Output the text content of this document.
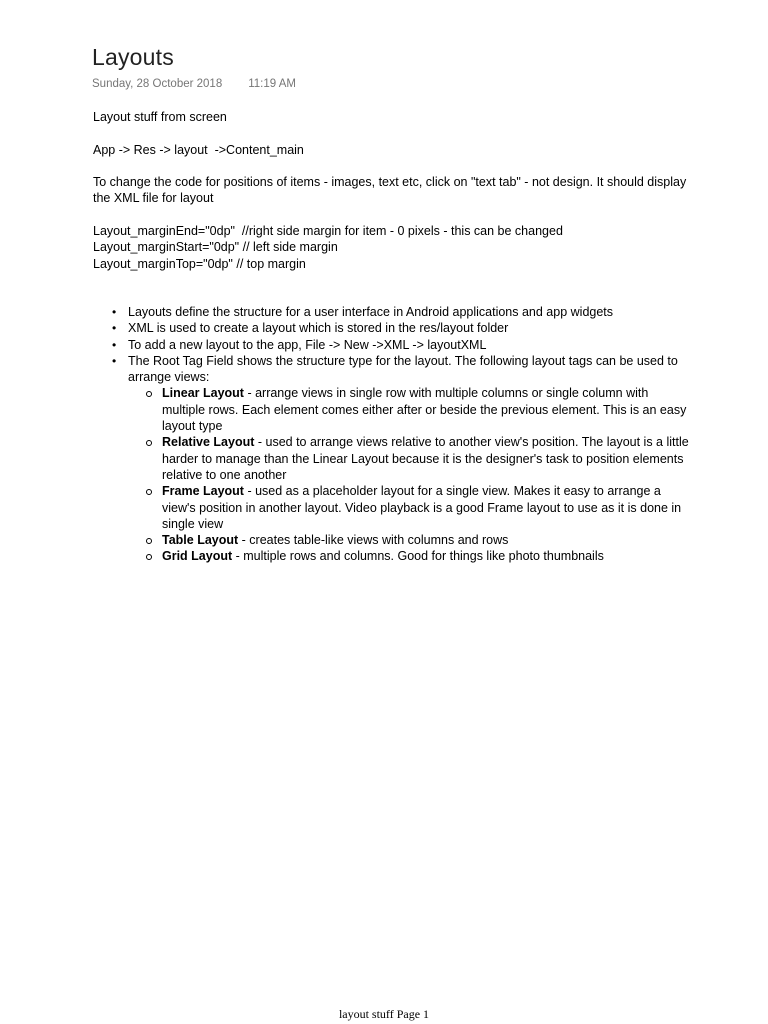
Layouts
Sunday, 28 October 2018 11:19 AM

Layout stuff from screen

App -> Res -> layout  ->Content_main

To change the code for positions of items - images, text etc, click on "text tab" - not design. It should display the XML file for layout

Layout_marginEnd="0dp"  //right side margin for item - 0 pixels - this can be changed

Layout_marginStart="0dp" // left side margin

Layout_marginTop="0dp" // top margin

• Layouts define the structure for a user interface in Android applications and app widgets
• XML is used to create a layout which is stored in the res/layout folder
• To add a new layout to the app, File -> New ->XML -> layoutXML
• The Root Tag Field shows the structure type for the layout. The following layout tags can be used to arrange views:
Linear Layout - arrange views in single row with multiple columns or single column with multiple rows. Each element comes either after or beside the previous element. This is an easy layout type
Relative Layout - used to arrange views relative to another view's position. The layout is a little harder to manage than the Linear Layout because it is the designer's task to position elements relative to one another
Frame Layout - used as a placeholder layout for a single view. Makes it easy to arrange a view's position in another layout. Video playback is a good Frame layout to use as it is done in single view
Table Layout - creates table-like views with columns and rows
Grid Layout - multiple rows and columns. Good for things like photo thumbnails
layout stuff Page 1
